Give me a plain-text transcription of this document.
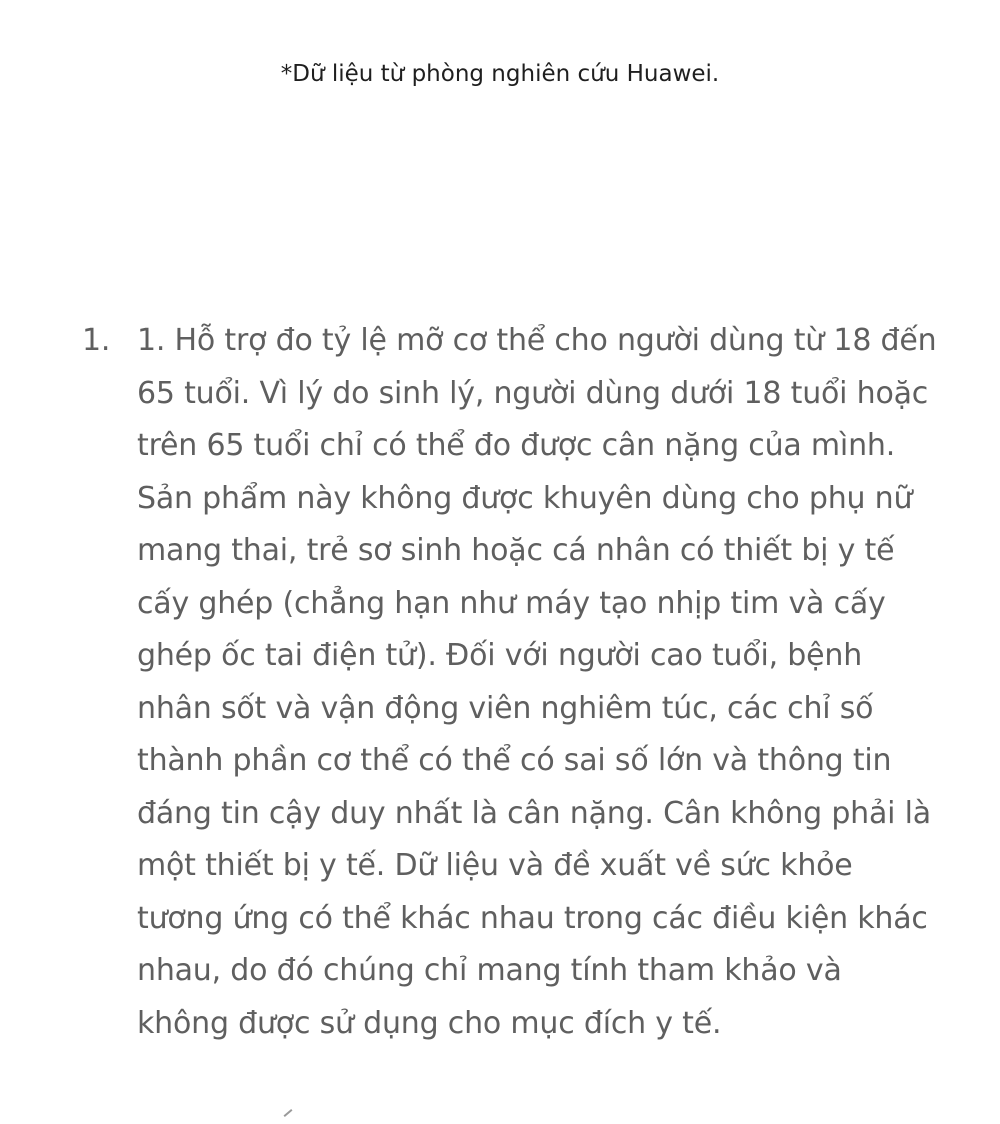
*Dữ liệu từ phòng nghiên cứu Huawei.
1. 1. Hỗ trợ đo tỷ lệ mỡ cơ thể cho người dùng từ 18 đến 65 tuổi. Vì lý do sinh lý, người dùng dưới 18 tuổi hoặc trên 65 tuổi chỉ có thể đo được cân nặng của mình. Sản phẩm này không được khuyên dùng cho phụ nữ mang thai, trẻ sơ sinh hoặc cá nhân có thiết bị y tế cấy ghép (chẳng hạn như máy tạo nhịp tim và cấy ghép ốc tai điện tử). Đối với người cao tuổi, bệnh nhân sốt và vận động viên nghiêm túc, các chỉ số thành phần cơ thể có thể có sai số lớn và thông tin đáng tin cậy duy nhất là cân nặng. Cân không phải là một thiết bị y tế. Dữ liệu và đề xuất về sức khỏe tương ứng có thể khác nhau trong các điều kiện khác nhau, do đó chúng chỉ mang tính tham khảo và không được sử dụng cho mục đích y tế.
